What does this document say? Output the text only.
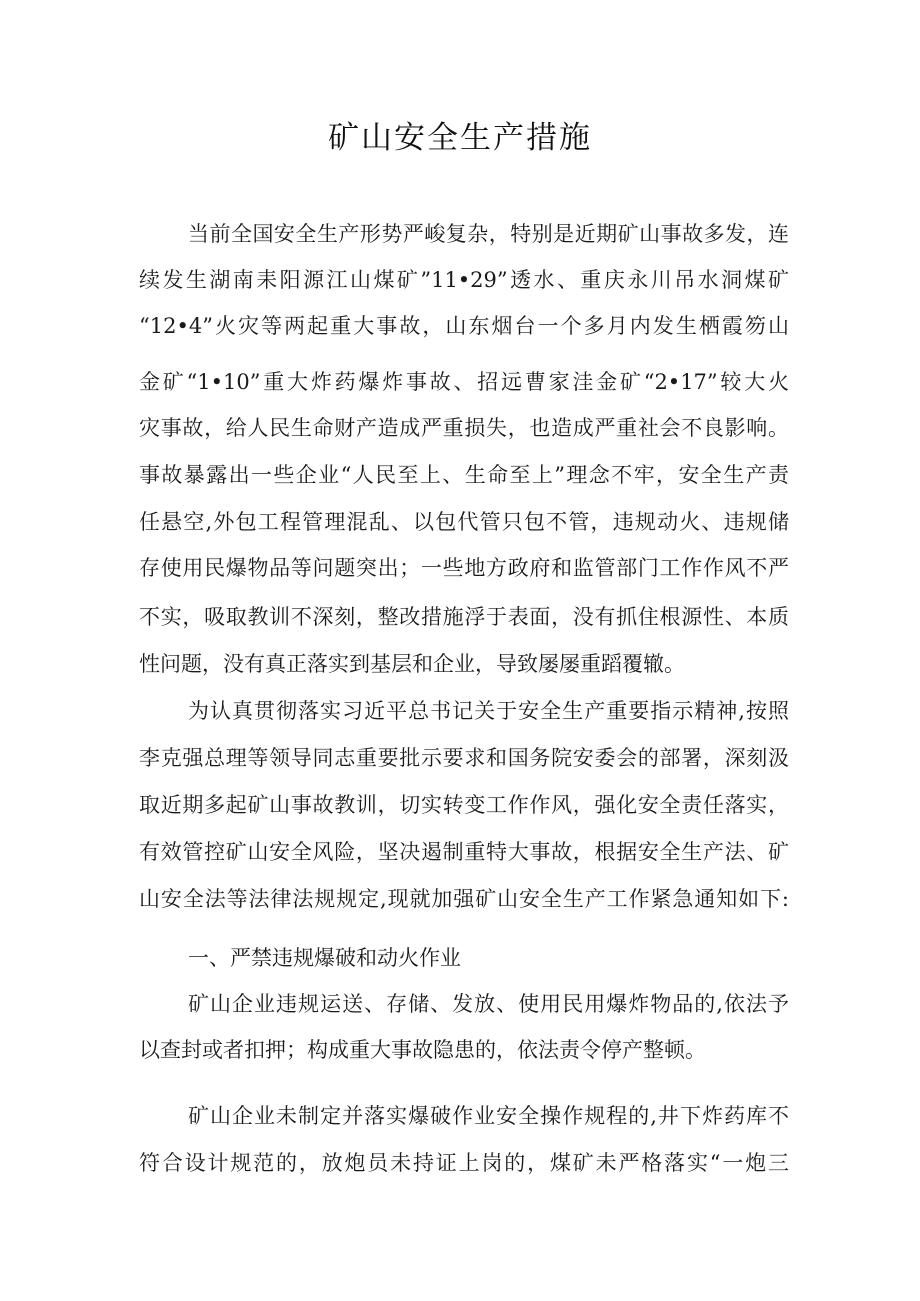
矿山安全生产措施
当前全国安全生产形势严峻复杂，特别是近期矿山事故多发，连
续发生湖南耒阳源江山煤矿”11•29”透水、重庆永川吊水洞煤矿
“12•4”火灾等两起重大事故，山东烟台一个多月内发生栖霞笏山
金矿“1•10”重大炸药爆炸事故、招远曹家洼金矿“2•17”较大火
灾事故，给人民生命财产造成严重损失，也造成严重社会不良影响。
事故暴露出一些企业“人民至上、生命至上”理念不牢，安全生产责
任悬空,外包工程管理混乱、以包代管只包不管，违规动火、违规储
存使用民爆物品等问题突出；一些地方政府和监管部门工作作风不严
不实，吸取教训不深刻，整改措施浮于表面，没有抓住根源性、本质
性问题，没有真正落实到基层和企业，导致屡屡重蹈覆辙。
为认真贯彻落实习近平总书记关于安全生产重要指示精神,按照
李克强总理等领导同志重要批示要求和国务院安委会的部署，深刻汲
取近期多起矿山事故教训，切实转变工作作风，强化安全责任落实，
有效管控矿山安全风险，坚决遏制重特大事故，根据安全生产法、矿
山安全法等法律法规规定,现就加强矿山安全生产工作紧急通知如下:
一、严禁违规爆破和动火作业
矿山企业违规运送、存储、发放、使用民用爆炸物品的,依法予
以查封或者扣押；构成重大事故隐患的，依法责令停产整顿。
矿山企业未制定并落实爆破作业安全操作规程的,井下炸药库不
符合设计规范的，放炮员未持证上岗的，煤矿未严格落实“一炮三
